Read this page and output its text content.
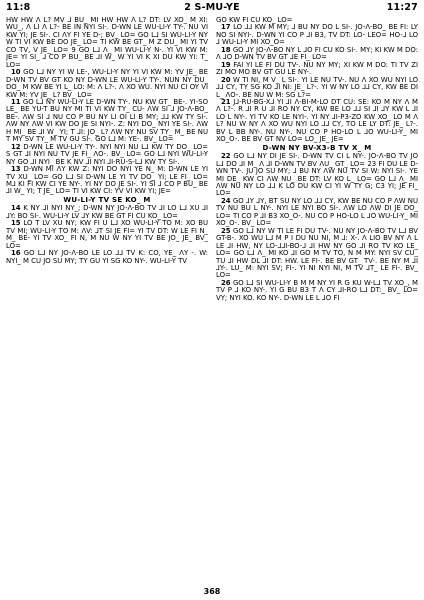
11:8	2 S-MU-YE	11:27

HW HW Λ L? MV ⅃ BU_ MI HW HW Λ L? DT: LV XO_ M XI: WU_, Λ LI Λ L?- BE IN NYI SI-. D-WN LE WU-LI-Y TY-. NU VI KW YI; JE SI-. CI ΛY FI YE D-; BV_ LO= GO L⅃ SI WU-LI-Y NY W TI VI KW BE DO JE_ LO= TI KW BE GT_ M Z DU_ MI YI TV CO TV, V JE_ LO= 9 GO L⅃ Λ_ MI WU-LI-Y N-. YI VI KW M: JE= YI SI_ ⅃ CO P BU_ BE ⅃I W_ W YI VI K XI DU KW YI: T_ LO=

10 GO L⅃ NY YI W LE-, WU-LI-Y NY YI VI KW M: YV JE_ BE D-WN TV BV GT KO NY D-WN LE WU-LI-Y TY-. NUN NY DU_ DO_ M KW BE YI L_ LO: M: Λ L?-. Λ XO WU. NYI NU CI OY VI KW M: YV JE_ L? BV_ LO=

11 GO L⅃ NY WU-LI-Y LE D-WN TY-. NU KW GT_ BE-. YI-SO LE_ BE YU-T BU NY MI TI VI KW TY_ CU- ΛW SI ⅃ JO-Λ-BO_ BE-. ΛW SI ⅃ NU CO P BU NY LI OI LI B MY; ⅃⅃ KW TY SI-. ΛW NY ΛW VI KW DO JE SI NYI-. Z: NYI DO_ NYI YE SI-. ΛW H MI_ BE ⅃I W_ YI; T ⅃I: JO_ L? ΛW NY NU SV TY_ M_ BE NU T MY SV TY_ M TV GU SI-. GO L⅃ M: YE-. BV_ LO=

12 D-WN LE WU-LI-Y TY-. NYI NYI NU L⅃ KW TY DO_ LO= S GT ⅃I NYI NU TV JE FI_ ΛO-. BV_ LO= GO L⅃ NYI WU-LI-Y NY GO ⅃I NYI_ BE K NV ⅃I NYI ⅃I-RU-S-L⅃ KW TY SI-.

13 D-WN MI ΛY KW Z: NYI DO NYI YE N_ M: D-WN LE YI TV XU_ LO= GO L⅃ SI D-WN LE YI TV DO_ YI; LE FI_ LO= M⅃ KI FI KW CI YE NY-. YI NY DO JE SI-. YI SI ⅃ CO P BU_ BE ⅃I W_ YI; T JE_ LO= TI VI KW CI: YV VI KW YI; JE=

WU-LI-Y TV SE KO_ M

14 K NY ⅃I NYI NY_; D-WN NY JO-Λ-BO TV ⅃I LO L⅃ XU ⅃I ⅃Y: BO SI-. WU-LI-Y LV ⅃Y KW BE GT FI CU KO_ LO=

15 LO T LV XU NY; KW FI U L⅃ XO WU-LI-Y TO M: XO BU TV MI; WU-LI-Y TO M: ΛV: ⅃T SI JE FI= YI TV DT: W LE FI N_ M_ BE- YI TV XO_ FI N, M NU W NY YI TV BE JO_ JE_ BV_ LO=

16 GO L⅃ NY JO-Λ-BO LE LO ⅃⅃ TV K: CO, YE_ ΛY -. W: NYI_ M CU JO SU MY; TY GU YI SG KO NY-. WU-LI-Y TV

GO KW FI CU KO_ LO=

17 LO ⅃⅃ KW M MY; ⅃ BU NY DO L SI-. JO-Λ-BO_ BE FI: LY NO SI NYI-. D-WN YI CO P ⅃I B3, TV DT: LO- LEO= HO-⅃ LO ⅃ WU-LI-Y MI XO_O=

18 GO ⅃Y JO-Λ-BO NY L ⅃O FI CU KO SI-. MY; KI KW M DO: Λ ⅃O D-WN TV BV GT ⅃E FI_ LO=

19 FAI YI LE FI DU TV-. NU NY MY; XI KW M DO: TI TV ZI ZI MO MO BV GT GU LE NY-.

20 W TI NI, M V_ L SI-. YI LE NU TV-. NU Λ XO WU NYI LO ⅃⅃ CY, TY SG KO ⅃I NI: JE_ L?-. YI W NY LO ⅃⅃ CY, KW BE DI L_ ΛO-. BE NU W M: SG L?=

21 J⅃-RU-BG-X⅃ YI ⅃I Λ-BI-M-LO DT CU: SE: KO M NY Λ M Λ L?-. R ⅃I R U ⅃I RO NY CY, KW BE LO ⅃⅃ SI ⅃I ⅃Y KW L ⅃I LO L NY-. YI TV KO LE NYI-. YI NY ⅃I-P3-ZO KW XO_ LO M Λ L? NU W NY Λ XO WU NYI LO ⅃⅃ CY, TO LE LY DT: JE_ L?-. BV L BB NY-. NU NY-. NU CO P HO-LO L ⅃O WU-LI-Y_ MI XO_O-. BE BV GT NV LO= LO_ JE_ JE=

D-WN NY BV-X3-B TV X_ M

22 GO L⅃ NY DI JE SI-. D-WN TV CI L NY-. JO-Λ-BO TV JO L⅃ DO ⅃I M_ Λ ⅃I D-WN TV BV ΛU_ GT_ LO= 23 FI DU LE D-WN TV-. JU JO SU MY; ⅃ BU NY ΛW NU TV SI W: NYI SI-. YE MI DE_ KW CI ΛW NU_ BE DT: LV KO L_ LO= GO L⅃ Λ_ MI ΛW NU NY LO ⅃⅃ K LO DU KW CI YI W TY G; C3 YI; JE FI_ LO=

24 GO ⅃Y ⅃Y, BT SU NY LO ⅃⅃ CY, KW BE NU CO P ΛW NU TV NU BU L NY-. NYI LE NYI BO SI-. ΛW LO ΛW DI JE DO_ LO= TI CO P ⅃I B3 XO_O-. NU CO P HO-LO L ⅃O WU-LI-Y_ MI XO_O-. BV_ LO=

25 GO L⅃ NY W TI LE FI DU TV-. NU NY JO-Λ-BO TV L⅃ BV GT-B-. XO WU L⅃ M P I DU NU NI, M ⅃: X-. Λ LIO BV NY Λ L LE ⅃I HW, NY LO-⅃⅃I-BO-⅃ ⅃I HW NY GO ⅃I RO TV KO LE_ LO= GO L⅃ Λ_ MI KO ⅃I GO M TV TO, N M MY: NYI SV CU_ TU ⅃I HW DL ⅃I DT: HW. LE FI-. BE BV GT_ TV-. BE NY M ⅃I ⅃Y-. LU_ M: NYI SV; FI-. YI NI NYI NI, M TV ⅃T_ LE FI-. BV_ LO=

26 GO L⅃ SI WU-LI-Y B M M NY YI R G KU W-L⅃ TV XO_, M TV P ⅃ KO NY-. YI G BU B3 T Λ CY ⅃I-RO L⅃ DT:_ BV_ LO= VY; NYI KO. KO NY-. D-WN LE L ⅃O FI

368
